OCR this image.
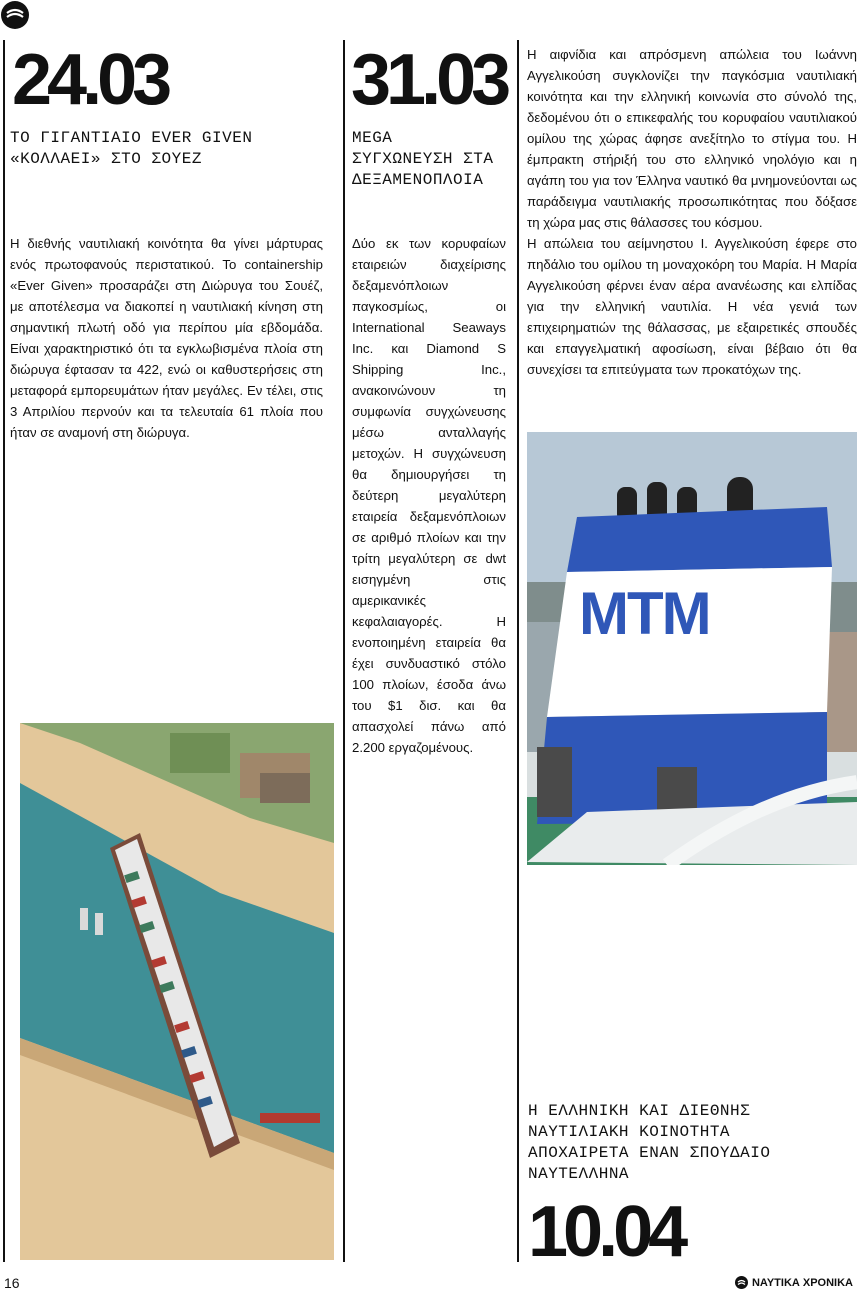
24.03
ΤΟ ΓΙΓΑΝΤΙΑΙΟ EVER GIVEN «ΚΟΛΛΑΕΙ» ΣΤΟ ΣΟΥΕΖ
Η διεθνής ναυτιλιακή κοινότητα θα γίνει μάρτυρας ενός πρωτοφανούς περιστατικού. Το containership «Ever Given» προσαράζει στη Διώρυγα του Σουέζ, με αποτέλεσμα να διακοπεί η ναυτιλιακή κίνηση στη σημαντική πλωτή οδό για περίπου μία εβδομάδα. Είναι χαρακτηριστικό ότι τα εγκλωβισμένα πλοία στη διώρυγα έφτασαν τα 422, ενώ οι καθυστερήσεις στη μεταφορά εμπορευμάτων ήταν μεγάλες. Εν τέλει, στις 3 Απριλίου περνούν και τα τελευταία 61 πλοία που ήταν σε αναμονή στη διώρυγα.
31.03
MEGA ΣΥΓΧΩΝΕΥΣΗ ΣΤΑ ΔΕΞΑΜΕΝΟΠΛΟΙΑ
Δύο εκ των κορυφαίων εταιρειών διαχείρισης δεξαμενόπλοιων παγκοσμίως, οι International Seaways Inc. και Diamond S Shipping Inc., ανακοινώνουν τη συμφωνία συγχώνευσης μέσω ανταλλαγής μετοχών. Η συγχώνευση θα δημιουργήσει τη δεύτερη μεγαλύτερη εταιρεία δεξαμενόπλοιων σε αριθμό πλοίων και την τρίτη μεγαλύτερη σε dwt εισηγμένη στις αμερικανικές κεφαλαιαγορές. Η ενοποιημένη εταιρεία θα έχει συνδυαστικό στόλο 100 πλοίων, έσοδα άνω του $1 δισ. και θα απασχολεί πάνω από 2.200 εργαζομένους.

Η αιφνίδια και απρόσμενη απώλεια του Ιωάννη Αγγελικούση συγκλονίζει την παγκόσμια ναυτιλιακή κοινότητα και την ελληνική κοινωνία στο σύνολό της, δεδομένου ότι ο επικεφαλής του κορυφαίου ναυτιλιακού ομίλου της χώρας άφησε ανεξίτηλο το στίγμα του. Η έμπρακτη στήριξή του στο ελληνικό νηολόγιο και η αγάπη του για τον Έλληνα ναυτικό θα μνημονεύονται ως παράδειγμα ναυτιλιακής προσωπικότητας που δόξασε τη χώρα μας στις θάλασσες του κόσμου.

Η απώλεια του αείμνηστου Ι. Αγγελικούση έφερε στο πηδάλιο του ομίλου τη μοναχοκόρη του Μαρία. Η Μαρία Αγγελικούση φέρνει έναν αέρα ανανέωσης και ελπίδας για την ελληνική ναυτιλία. Η νέα γενιά των επιχειρηματιών της θάλασσας, με εξαιρετικές σπουδές και επαγγελματική αφοσίωση, είναι βέβαιο ότι θα συνεχίσει τα επιτεύγματα των προκατόχων της.

MTM
Η ΕΛΛΗΝΙΚΗ ΚΑΙ ΔΙΕΘΝΗΣ ΝΑΥΤΙΛΙΑΚΗ ΚΟΙΝΟΤΗΤΑ ΑΠΟΧΑΙΡΕΤΑ ΕΝΑΝ ΣΠΟΥΔΑΙΟ ΝΑΥΤΕΛΛΗΝΑ
10.04
16	ΝΑΥΤΙΚΑ ΧΡΟΝΙΚΑ
